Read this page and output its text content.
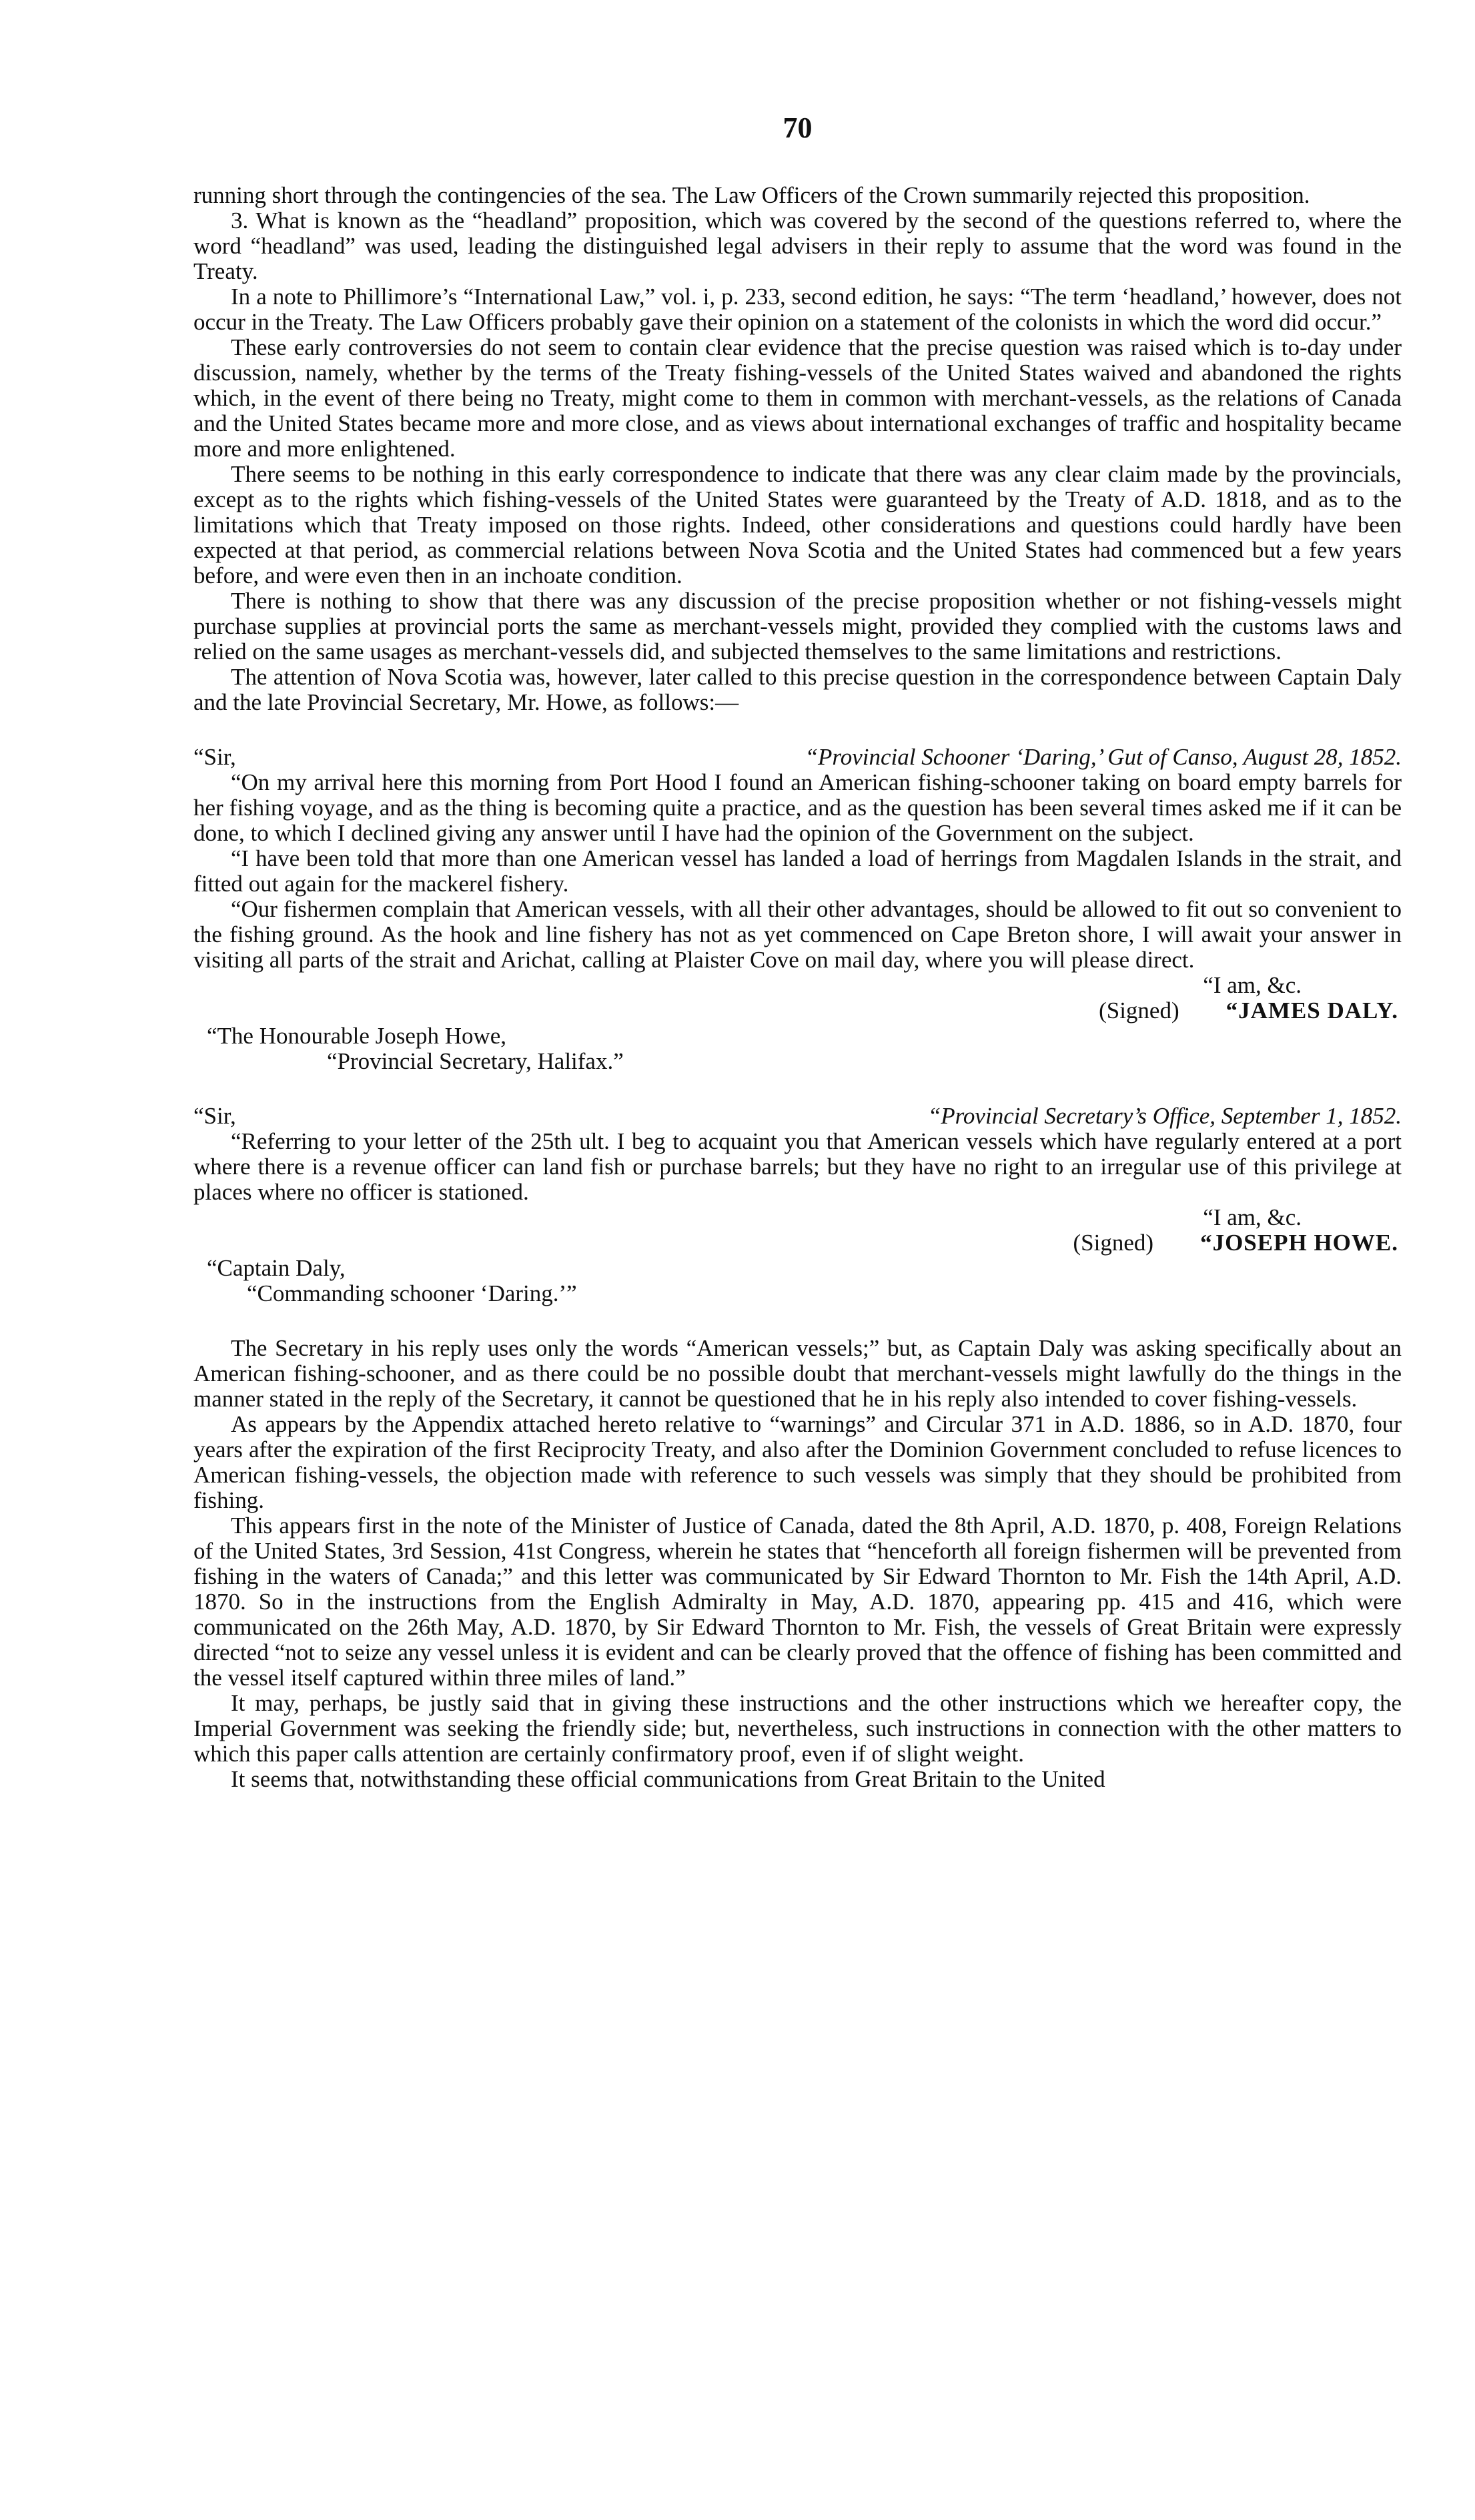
70

running short through the contingencies of the sea. The Law Officers of the Crown summarily rejected this proposition.

3. What is known as the “headland” proposition, which was covered by the second of the questions referred to, where the word “headland” was used, leading the distinguished legal advisers in their reply to assume that the word was found in the Treaty.

In a note to Phillimore’s “International Law,” vol. i, p. 233, second edition, he says: “The term ‘headland,’ however, does not occur in the Treaty. The Law Officers probably gave their opinion on a statement of the colonists in which the word did occur.”

These early controversies do not seem to contain clear evidence that the precise question was raised which is to-day under discussion, namely, whether by the terms of the Treaty fishing-vessels of the United States waived and abandoned the rights which, in the event of there being no Treaty, might come to them in common with merchant-vessels, as the relations of Canada and the United States became more and more close, and as views about international exchanges of traffic and hospitality became more and more enlightened.

There seems to be nothing in this early correspondence to indicate that there was any clear claim made by the provincials, except as to the rights which fishing-vessels of the United States were guaranteed by the Treaty of A.D. 1818, and as to the limitations which that Treaty imposed on those rights. Indeed, other considerations and questions could hardly have been expected at that period, as commercial relations between Nova Scotia and the United States had commenced but a few years before, and were even then in an inchoate condition.

There is nothing to show that there was any discussion of the precise proposition whether or not fishing-vessels might purchase supplies at provincial ports the same as merchant-vessels might, provided they complied with the customs laws and relied on the same usages as merchant-vessels did, and subjected themselves to the same limitations and restrictions.

The attention of Nova Scotia was, however, later called to this precise question in the correspondence between Captain Daly and the late Provincial Secretary, Mr. Howe, as follows:—

“Sir,	“Provincial Schooner ‘Daring,’ Gut of Canso, August 28, 1852.

“On my arrival here this morning from Port Hood I found an American fishing-schooner taking on board empty barrels for her fishing voyage, and as the thing is becoming quite a practice, and as the question has been several times asked me if it can be done, to which I declined giving any answer until I have had the opinion of the Government on the subject.

“I have been told that more than one American vessel has landed a load of herrings from Magdalen Islands in the strait, and fitted out again for the mackerel fishery.

“Our fishermen complain that American vessels, with all their other advantages, should be allowed to fit out so convenient to the fishing ground. As the hook and line fishery has not as yet commenced on Cape Breton shore, I will await your answer in visiting all parts of the strait and Arichat, calling at Plaister Cove on mail day, where you will please direct.

“I am, &c.
(Signed) “JAMES DALY.
“The Honourable Joseph Howe,
“Provincial Secretary, Halifax.”
“Sir,	“Provincial Secretary’s Office, September 1, 1852.

“Referring to your letter of the 25th ult. I beg to acquaint you that American vessels which have regularly entered at a port where there is a revenue officer can land fish or purchase barrels; but they have no right to an irregular use of this privilege at places where no officer is stationed.

“I am, &c.
(Signed) “JOSEPH HOWE.
“Captain Daly,
“Commanding schooner ‘Daring.’”

The Secretary in his reply uses only the words “American vessels;” but, as Captain Daly was asking specifically about an American fishing-schooner, and as there could be no possible doubt that merchant-vessels might lawfully do the things in the manner stated in the reply of the Secretary, it cannot be questioned that he in his reply also intended to cover fishing-vessels.

As appears by the Appendix attached hereto relative to “warnings” and Circular 371 in A.D. 1886, so in A.D. 1870, four years after the expiration of the first Reciprocity Treaty, and also after the Dominion Government concluded to refuse licences to American fishing-vessels, the objection made with reference to such vessels was simply that they should be prohibited from fishing.

This appears first in the note of the Minister of Justice of Canada, dated the 8th April, A.D. 1870, p. 408, Foreign Relations of the United States, 3rd Session, 41st Congress, wherein he states that “henceforth all foreign fishermen will be prevented from fishing in the waters of Canada;” and this letter was communicated by Sir Edward Thornton to Mr. Fish the 14th April, A.D. 1870. So in the instructions from the English Admiralty in May, A.D. 1870, appearing pp. 415 and 416, which were communicated on the 26th May, A.D. 1870, by Sir Edward Thornton to Mr. Fish, the vessels of Great Britain were expressly directed “not to seize any vessel unless it is evident and can be clearly proved that the offence of fishing has been committed and the vessel itself captured within three miles of land.”

It may, perhaps, be justly said that in giving these instructions and the other instructions which we hereafter copy, the Imperial Government was seeking the friendly side; but, nevertheless, such instructions in connection with the other matters to which this paper calls attention are certainly confirmatory proof, even if of slight weight.

It seems that, notwithstanding these official communications from Great Britain to the United
